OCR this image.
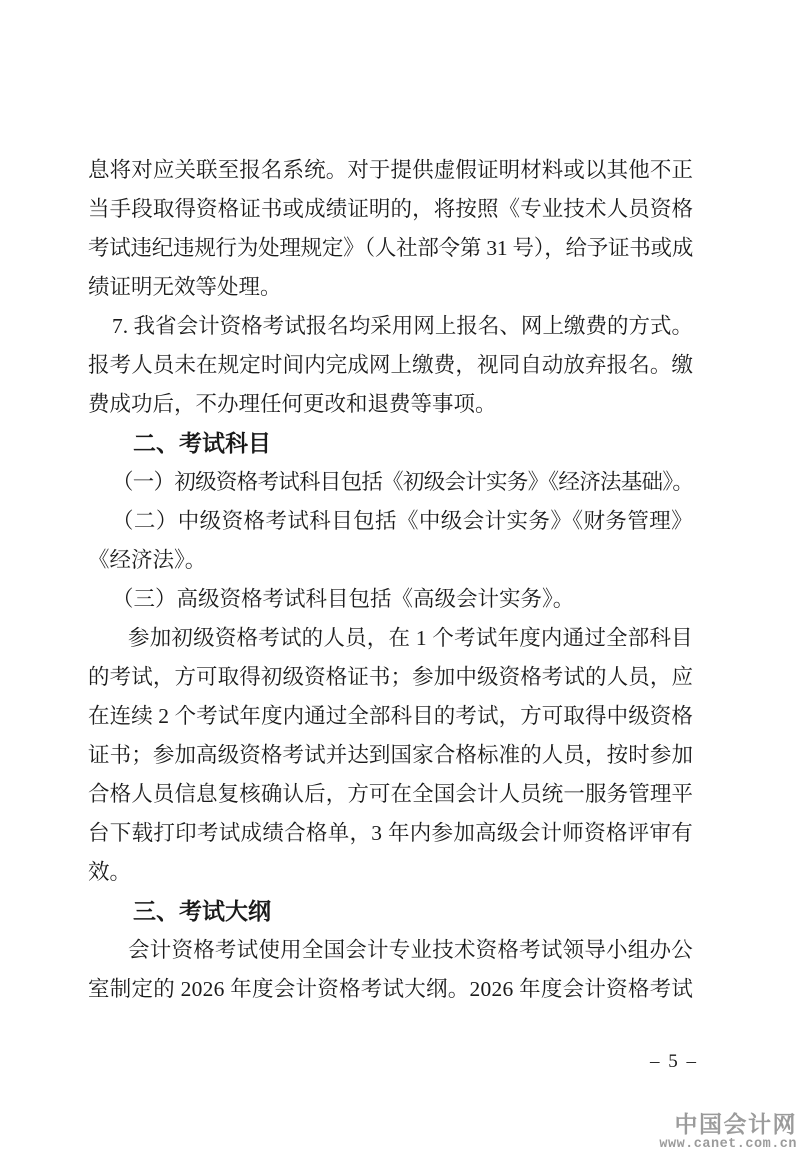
息将对应关联至报名系统。对于提供虚假证明材料或以其他不正
当手段取得资格证书或成绩证明的，将按照《专业技术人员资格
考试违纪违规行为处理规定》（人社部令第 31 号），给予证书或成
绩证明无效等处理。
7. 我省会计资格考试报名均采用网上报名、网上缴费的方式。
报考人员未在规定时间内完成网上缴费，视同自动放弃报名。缴
费成功后，不办理任何更改和退费等事项。
二、考试科目
（一）初级资格考试科目包括《初级会计实务》《经济法基础》。
（二）中级资格考试科目包括《中级会计实务》《财务管理》
《经济法》。
（三）高级资格考试科目包括《高级会计实务》。
参加初级资格考试的人员，在 1 个考试年度内通过全部科目
的考试，方可取得初级资格证书；参加中级资格考试的人员，应
在连续 2 个考试年度内通过全部科目的考试，方可取得中级资格
证书；参加高级资格考试并达到国家合格标准的人员，按时参加
合格人员信息复核确认后，方可在全国会计人员统一服务管理平
台下载打印考试成绩合格单，3 年内参加高级会计师资格评审有
效。
三、考试大纲
会计资格考试使用全国会计专业技术资格考试领导小组办公
室制定的 2026 年度会计资格考试大纲。2026 年度会计资格考试
– 5 –
中国会计网
www.canet.com.cn
